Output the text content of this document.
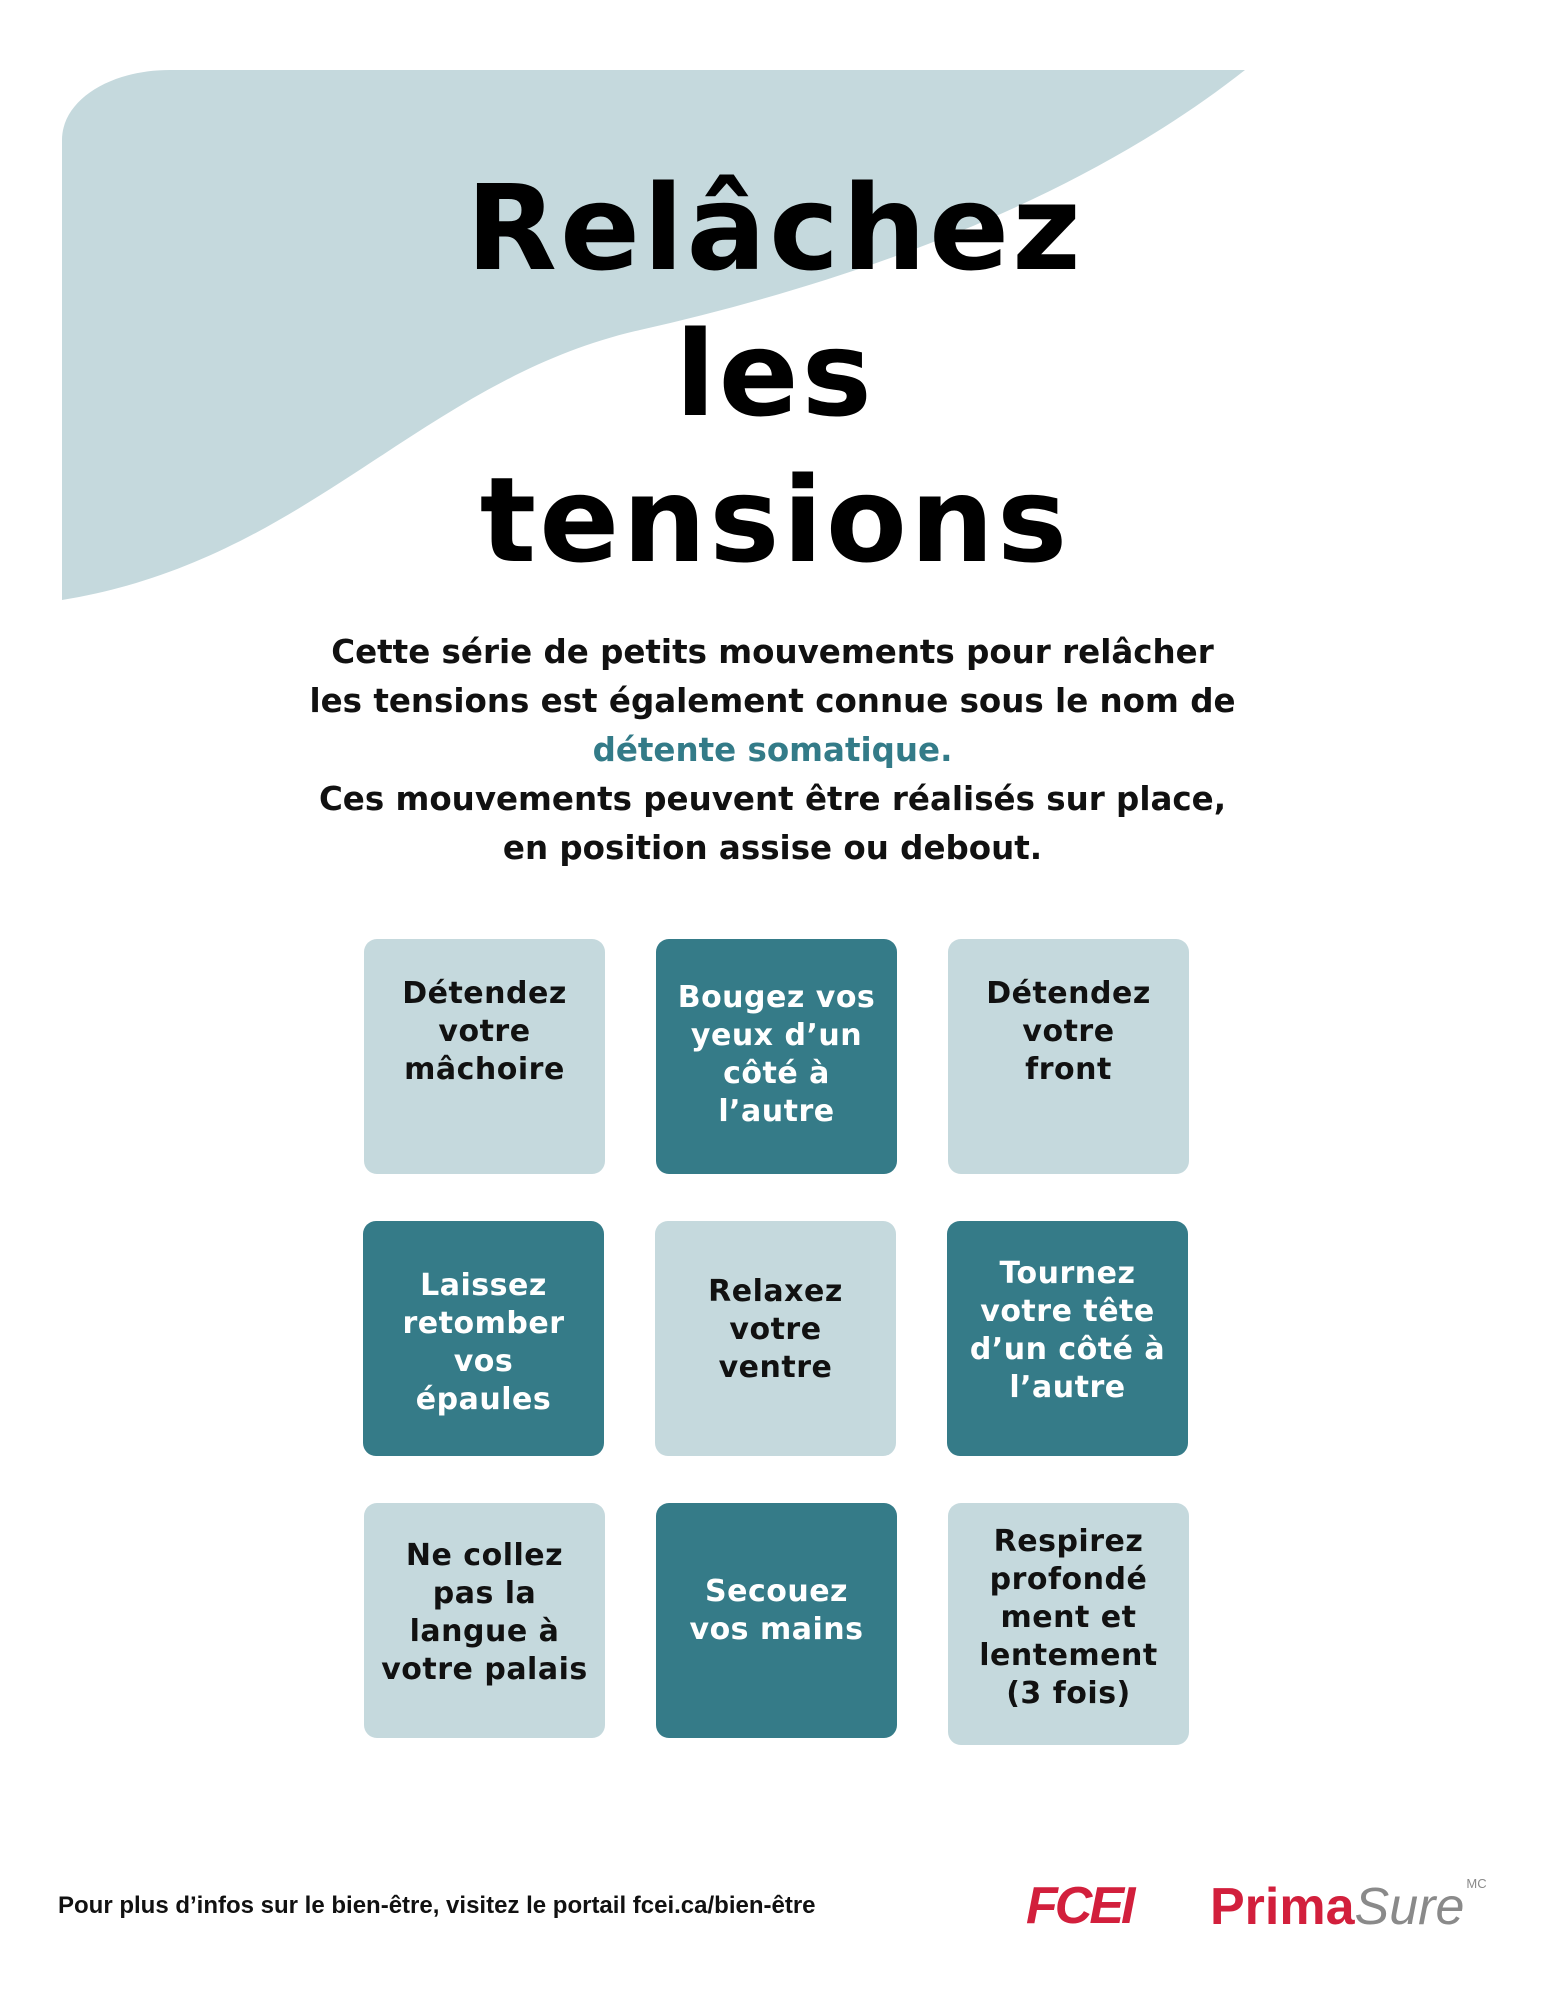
Relâchez
les
tensions

Cette série de petits mouvements pour relâcher les tensions est également connue sous le nom de détente somatique.
Ces mouvements peuvent être réalisés sur place, en position assise ou debout.

Détendez
votre
mâchoire
Bougez vos
yeux d’un
côté à
l’autre
Détendez
votre
front
Laissez
retomber
vos
épaules
Relaxez
votre
ventre
Tournez
votre tête
d’un côté à
l’autre
Ne collez
pas la
langue à
votre palais
Secouez
vos mains
Respirez
profondé
ment et
lentement
(3 fois)

Pour plus d’infos sur le bien-être, visitez le portail fcei.ca/bien-être	FCEI PrimaSure $^{MC}$
